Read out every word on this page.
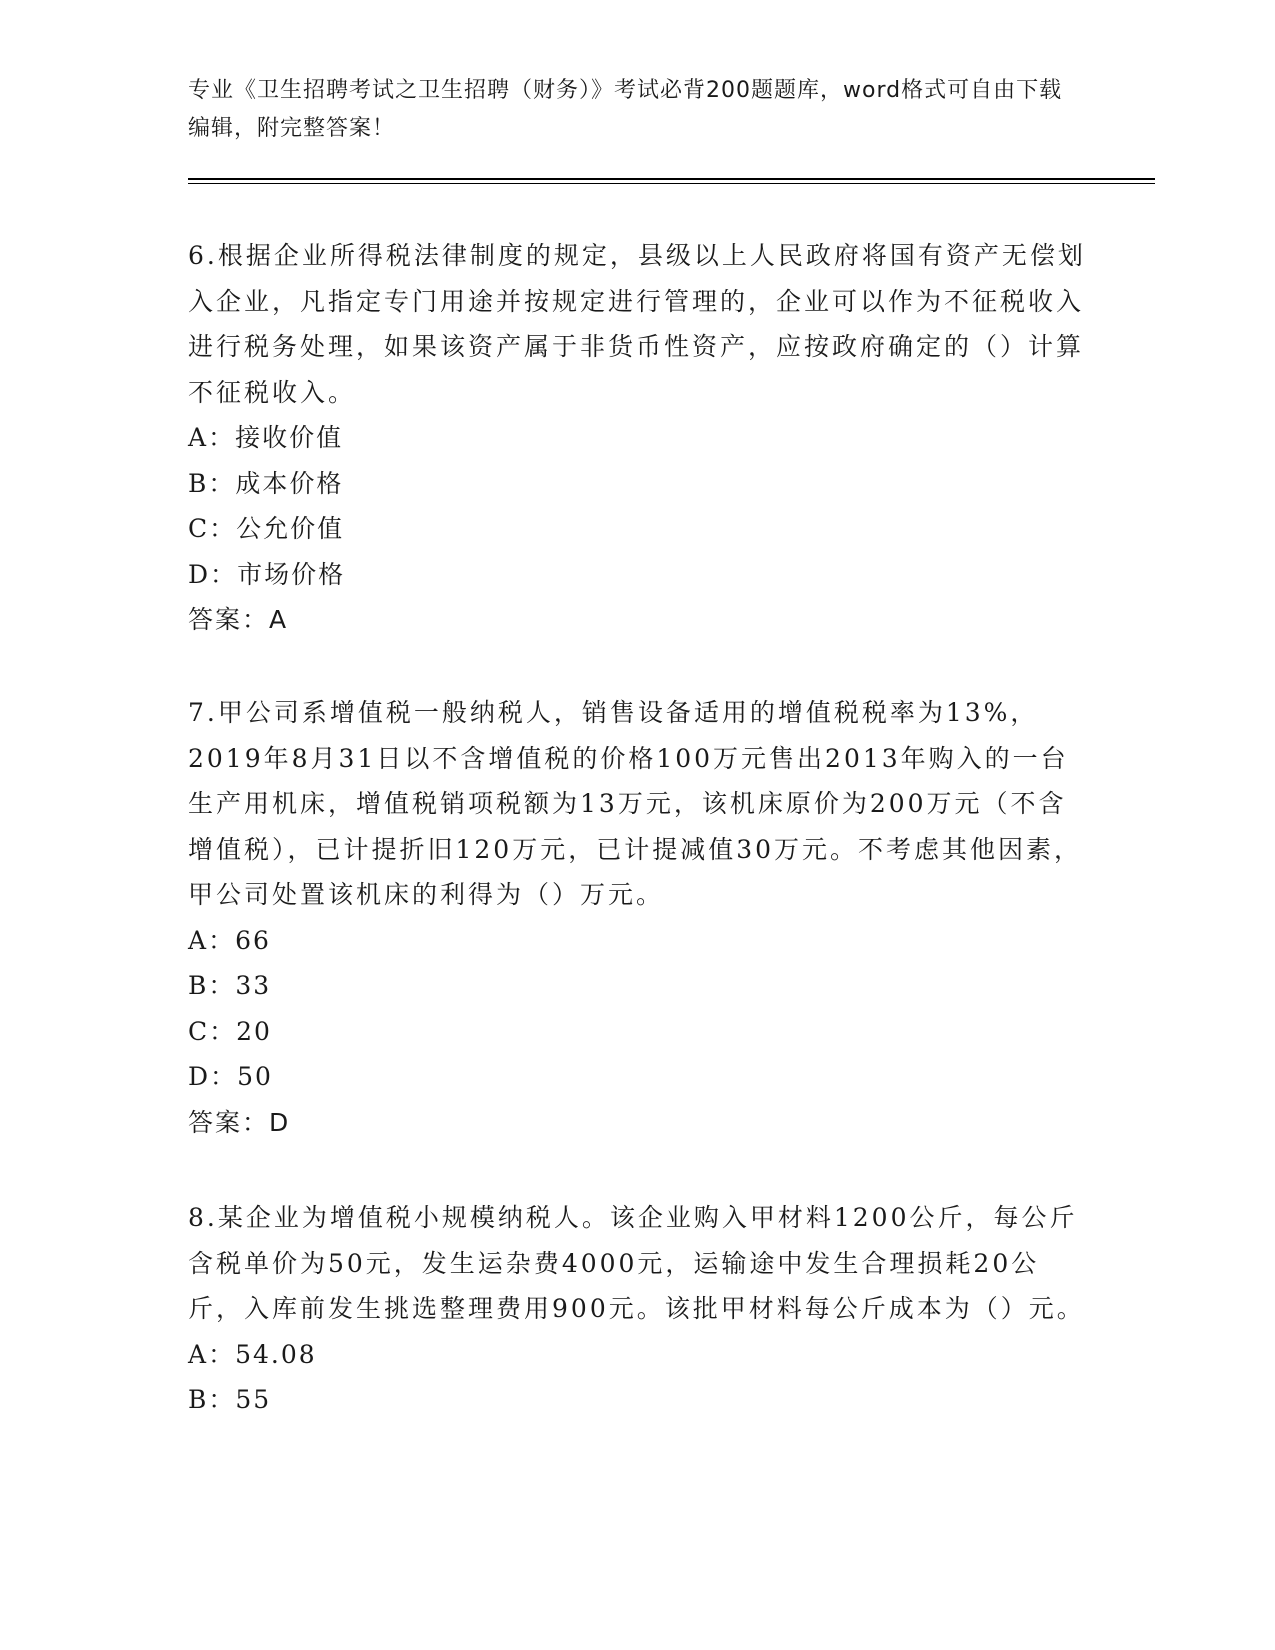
专业《卫生招聘考试之卫生招聘（财务）》考试必背200题题库，word格式可自由下载编辑，附完整答案！

6.根据企业所得税法律制度的规定，县级以上人民政府将国有资产无偿划入企业，凡指定专门用途并按规定进行管理的，企业可以作为不征税收入进行税务处理，如果该资产属于非货币性资产，应按政府确定的（）计算不征税收入。

A ： 接收价值

B ： 成本价格

C ： 公允价值

D ： 市场价格

答案：A

7.甲公司系增值税一般纳税人，销售设备适用的增值税税率为13%，2019年8月31日以不含增值税的价格100万元售出2013年购入的一台生产用机床，增值税销项税额为13万元，该机床原价为200万元（不含增值税），已计提折旧120万元，已计提减值30万元。不考虑其他因素，甲公司处置该机床的利得为（）万元。

A ： 66

B ： 33

C ： 20

D ： 50

答案：D

8.某企业为增值税小规模纳税人。该企业购入甲材料1200公斤，每公斤含税单价为50元，发生运杂费4000元，运输途中发生合理损耗20公斤，入库前发生挑选整理费用900元。该批甲材料每公斤成本为（）元。

A ： 54.08

B ： 55
